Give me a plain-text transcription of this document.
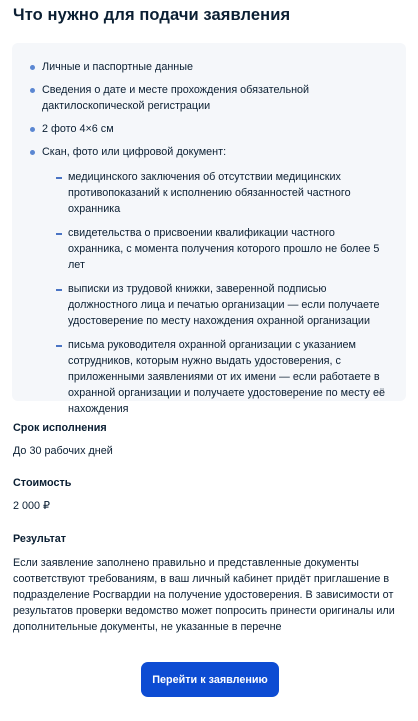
Что нужно для подачи заявления
Личные и паспортные данные
Сведения о дате и месте прохождения обязательной дактилоскопической регистрации
2 фото 4×6 см
Скан, фото или цифровой документ:
медицинского заключения об отсутствии медицинских противопоказаний к исполнению обязанностей частного охранника
свидетельства о присвоении квалификации частного охранника, с момента получения которого прошло не более 5 лет
выписки из трудовой книжки, заверенной подписью должностного лица и печатью организации — если получаете удостоверение по месту нахождения охранной организации
письма руководителя охранной организации с указанием сотрудников, которым нужно выдать удостоверения, с приложенными заявлениями от их имени — если работаете в охранной организации и получаете удостоверение по месту её нахождения
Срок исполнения
До 30 рабочих дней
Стоимость
2 000 ₽
Результат
Если заявление заполнено правильно и представленные документы соответствуют требованиям, в ваш личный кабинет придёт приглашение в подразделение Росгвардии на получение удостоверения. В зависимости от результатов проверки ведомство может попросить принести оригиналы или дополнительные документы, не указанные в перечне
Перейти к заявлению
